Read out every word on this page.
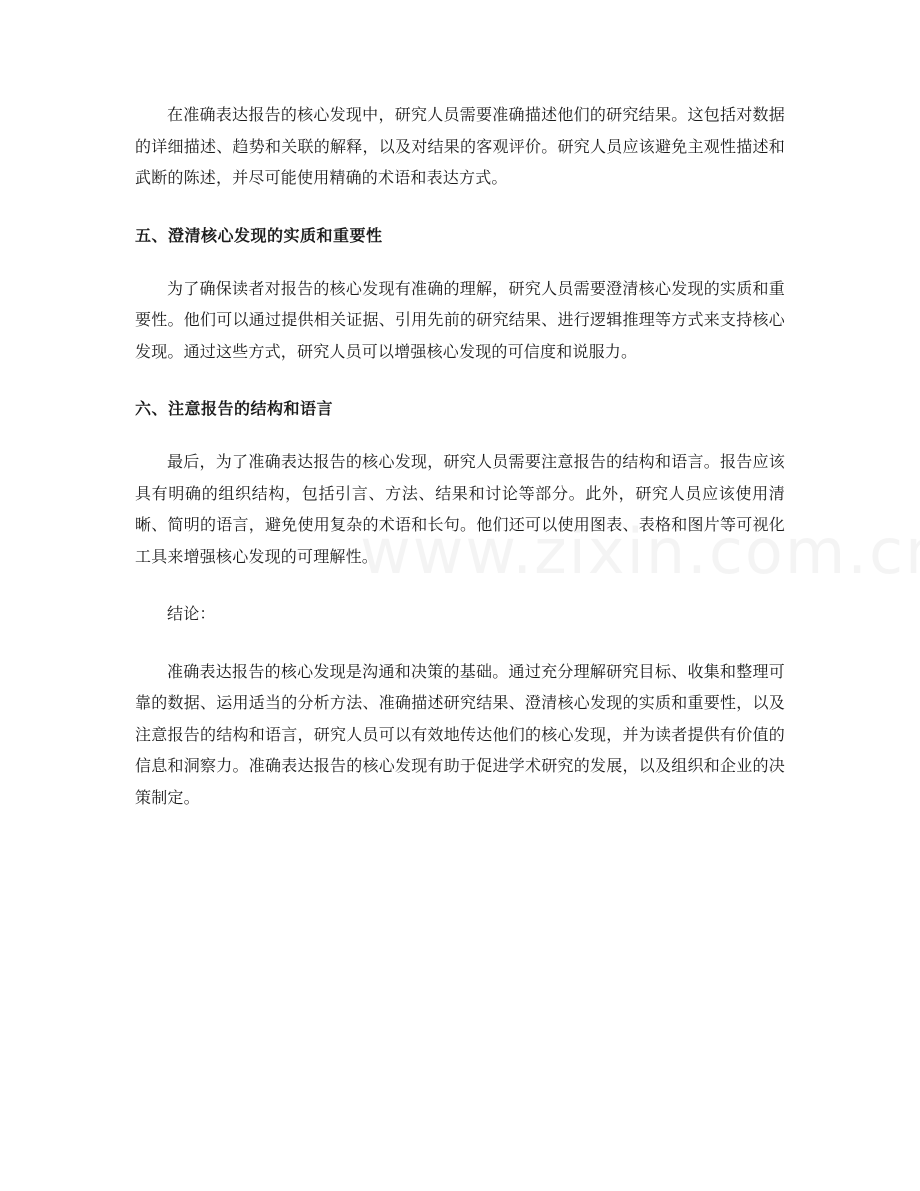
在准确表达报告的核心发现中，研究人员需要准确描述他们的研究结果。这包括对数据的详细描述、趋势和关联的解释，以及对结果的客观评价。研究人员应该避免主观性描述和武断的陈述，并尽可能使用精确的术语和表达方式。

五、澄清核心发现的实质和重要性

为了确保读者对报告的核心发现有准确的理解，研究人员需要澄清核心发现的实质和重要性。他们可以通过提供相关证据、引用先前的研究结果、进行逻辑推理等方式来支持核心发现。通过这些方式，研究人员可以增强核心发现的可信度和说服力。

六、注意报告的结构和语言

最后，为了准确表达报告的核心发现，研究人员需要注意报告的结构和语言。报告应该具有明确的组织结构，包括引言、方法、结果和讨论等部分。此外，研究人员应该使用清晰、简明的语言，避免使用复杂的术语和长句。他们还可以使用图表、表格和图片等可视化工具来增强核心发现的可理解性。

结论：

准确表达报告的核心发现是沟通和决策的基础。通过充分理解研究目标、收集和整理可靠的数据、运用适当的分析方法、准确描述研究结果、澄清核心发现的实质和重要性，以及注意报告的结构和语言，研究人员可以有效地传达他们的核心发现，并为读者提供有价值的信息和洞察力。准确表达报告的核心发现有助于促进学术研究的发展，以及组织和企业的决策制定。
